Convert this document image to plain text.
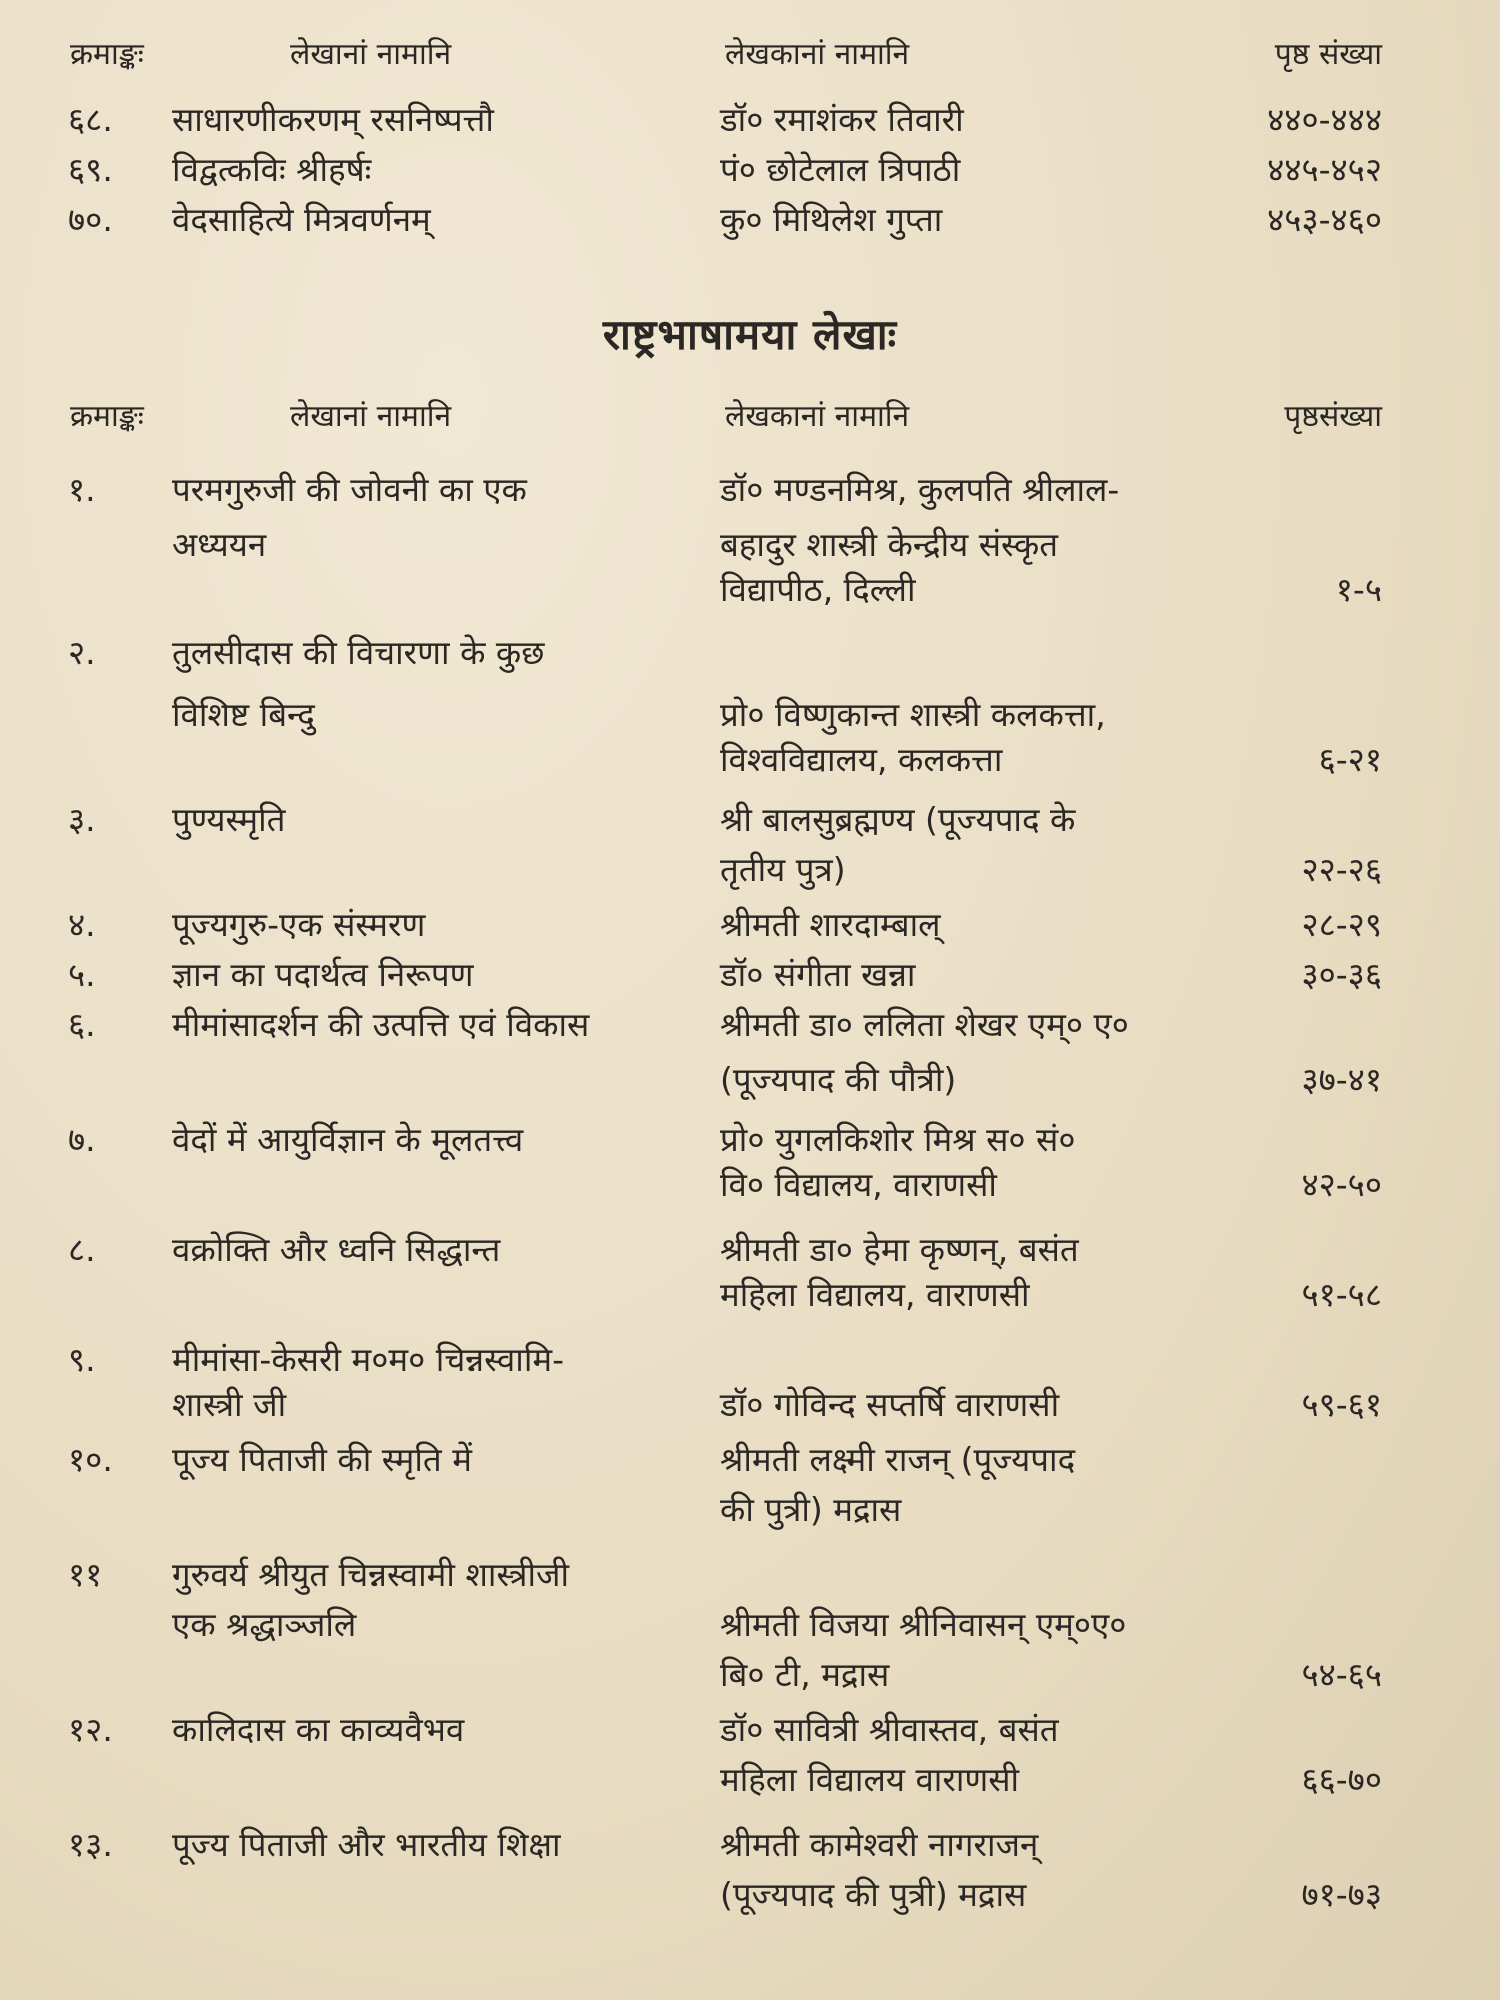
क्रमाङ्कः	लेखानां नामानि	लेखकानां नामानि	पृष्ठ संख्या
६८. साधारणीकरणम् रसनिष्पत्तौ	डॉ० रमाशंकर तिवारी	४४०-४४४
६९. विद्वत्कविः श्रीहर्षः	पं० छोटेलाल त्रिपाठी	४४५-४५२
७०. वेदसाहित्ये मित्रवर्णनम्	कु० मिथिलेश गुप्ता	४५३-४६०
राष्ट्रभाषामया लेखाः
क्रमाङ्कः	लेखानां नामानि	लेखकानां नामानि	पृष्ठसंख्या
१. परमगुरुजी की जोवनी का एक	डॉ० मण्डनमिश्र, कुलपति श्रीलाल-
अध्ययन	बहादुर शास्त्री केन्द्रीय संस्कृत
विद्यापीठ, दिल्ली	१-५
२. तुलसीदास की विचारणा के कुछ
विशिष्ट बिन्दु	प्रो० विष्णुकान्त शास्त्री कलकत्ता,
विश्वविद्यालय, कलकत्ता	६-२१
३. पुण्यस्मृति	श्री बालसुब्रह्मण्य (पूज्यपाद के
तृतीय पुत्र)	२२-२६
४. पूज्यगुरु-एक संस्मरण	श्रीमती शारदाम्बाल्	२८-२९
५. ज्ञान का पदार्थत्व निरूपण	डॉ० संगीता खन्ना	३०-३६
६. मीमांसादर्शन की उत्पत्ति एवं विकास	श्रीमती डा० ललिता शेखर एम्० ए०
(पूज्यपाद की पौत्री)	३७-४१
७. वेदों में आयुर्विज्ञान के मूलतत्त्व	प्रो० युगलकिशोर मिश्र स० सं०
वि० विद्यालय, वाराणसी	४२-५०
८. वक्रोक्ति और ध्वनि सिद्धान्त	श्रीमती डा० हेमा कृष्णन्, बसंत
महिला विद्यालय, वाराणसी	५१-५८
९. मीमांसा-केसरी म०म० चिन्नस्वामि-
शास्त्री जी	डॉ० गोविन्द सप्तर्षि वाराणसी	५९-६१
१०. पूज्य पिताजी की स्मृति में	श्रीमती लक्ष्मी राजन् (पूज्यपाद
की पुत्री) मद्रास
११ गुरुवर्य श्रीयुत चिन्नस्वामी शास्त्रीजी
एक श्रद्धाञ्जलि	श्रीमती विजया श्रीनिवासन् एम्०ए०
बि० टी, मद्रास	५४-६५
१२. कालिदास का काव्यवैभव	डॉ० सावित्री श्रीवास्तव, बसंत
महिला विद्यालय वाराणसी	६६-७०
१३. पूज्य पिताजी और भारतीय शिक्षा	श्रीमती कामेश्वरी नागराजन्
(पूज्यपाद की पुत्री) मद्रास	७१-७३
